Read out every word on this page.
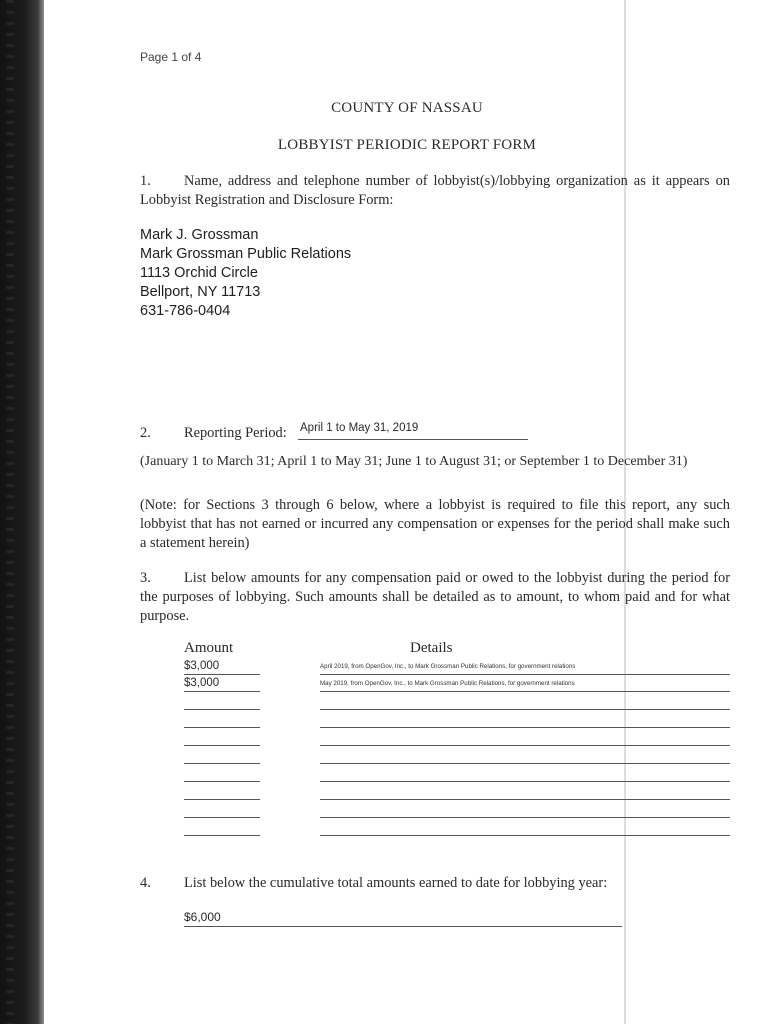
Page 1 of 4
COUNTY OF NASSAU
LOBBYIST PERIODIC REPORT FORM
1. Name, address and telephone number of lobbyist(s)/lobbying organization as it appears on Lobbyist Registration and Disclosure Form:
Mark J. Grossman
Mark Grossman Public Relations
1113 Orchid Circle
Bellport, NY 11713
631-786-0404
2. Reporting Period:	April 1 to May 31, 2019
(January 1 to March 31; April 1 to May 31; June 1 to August 31; or September 1 to December 31)
(Note: for Sections 3 through 6 below, where a lobbyist is required to file this report, any such lobbyist that has not earned or incurred any compensation or expenses for the period shall make such a statement herein)
3. List below amounts for any compensation paid or owed to the lobbyist during the period for the purposes of lobbying. Such amounts shall be detailed as to amount, to whom paid and for what purpose.
Amount	Details
$3,000	April 2019, from OpenGov, Inc., to Mark Grossman Public Relations, for government relations
$3,000	May 2019, from OpenGov, Inc., to Mark Grossman Public Relations, for government relations
4. List below the cumulative total amounts earned to date for lobbying year:
$6,000
